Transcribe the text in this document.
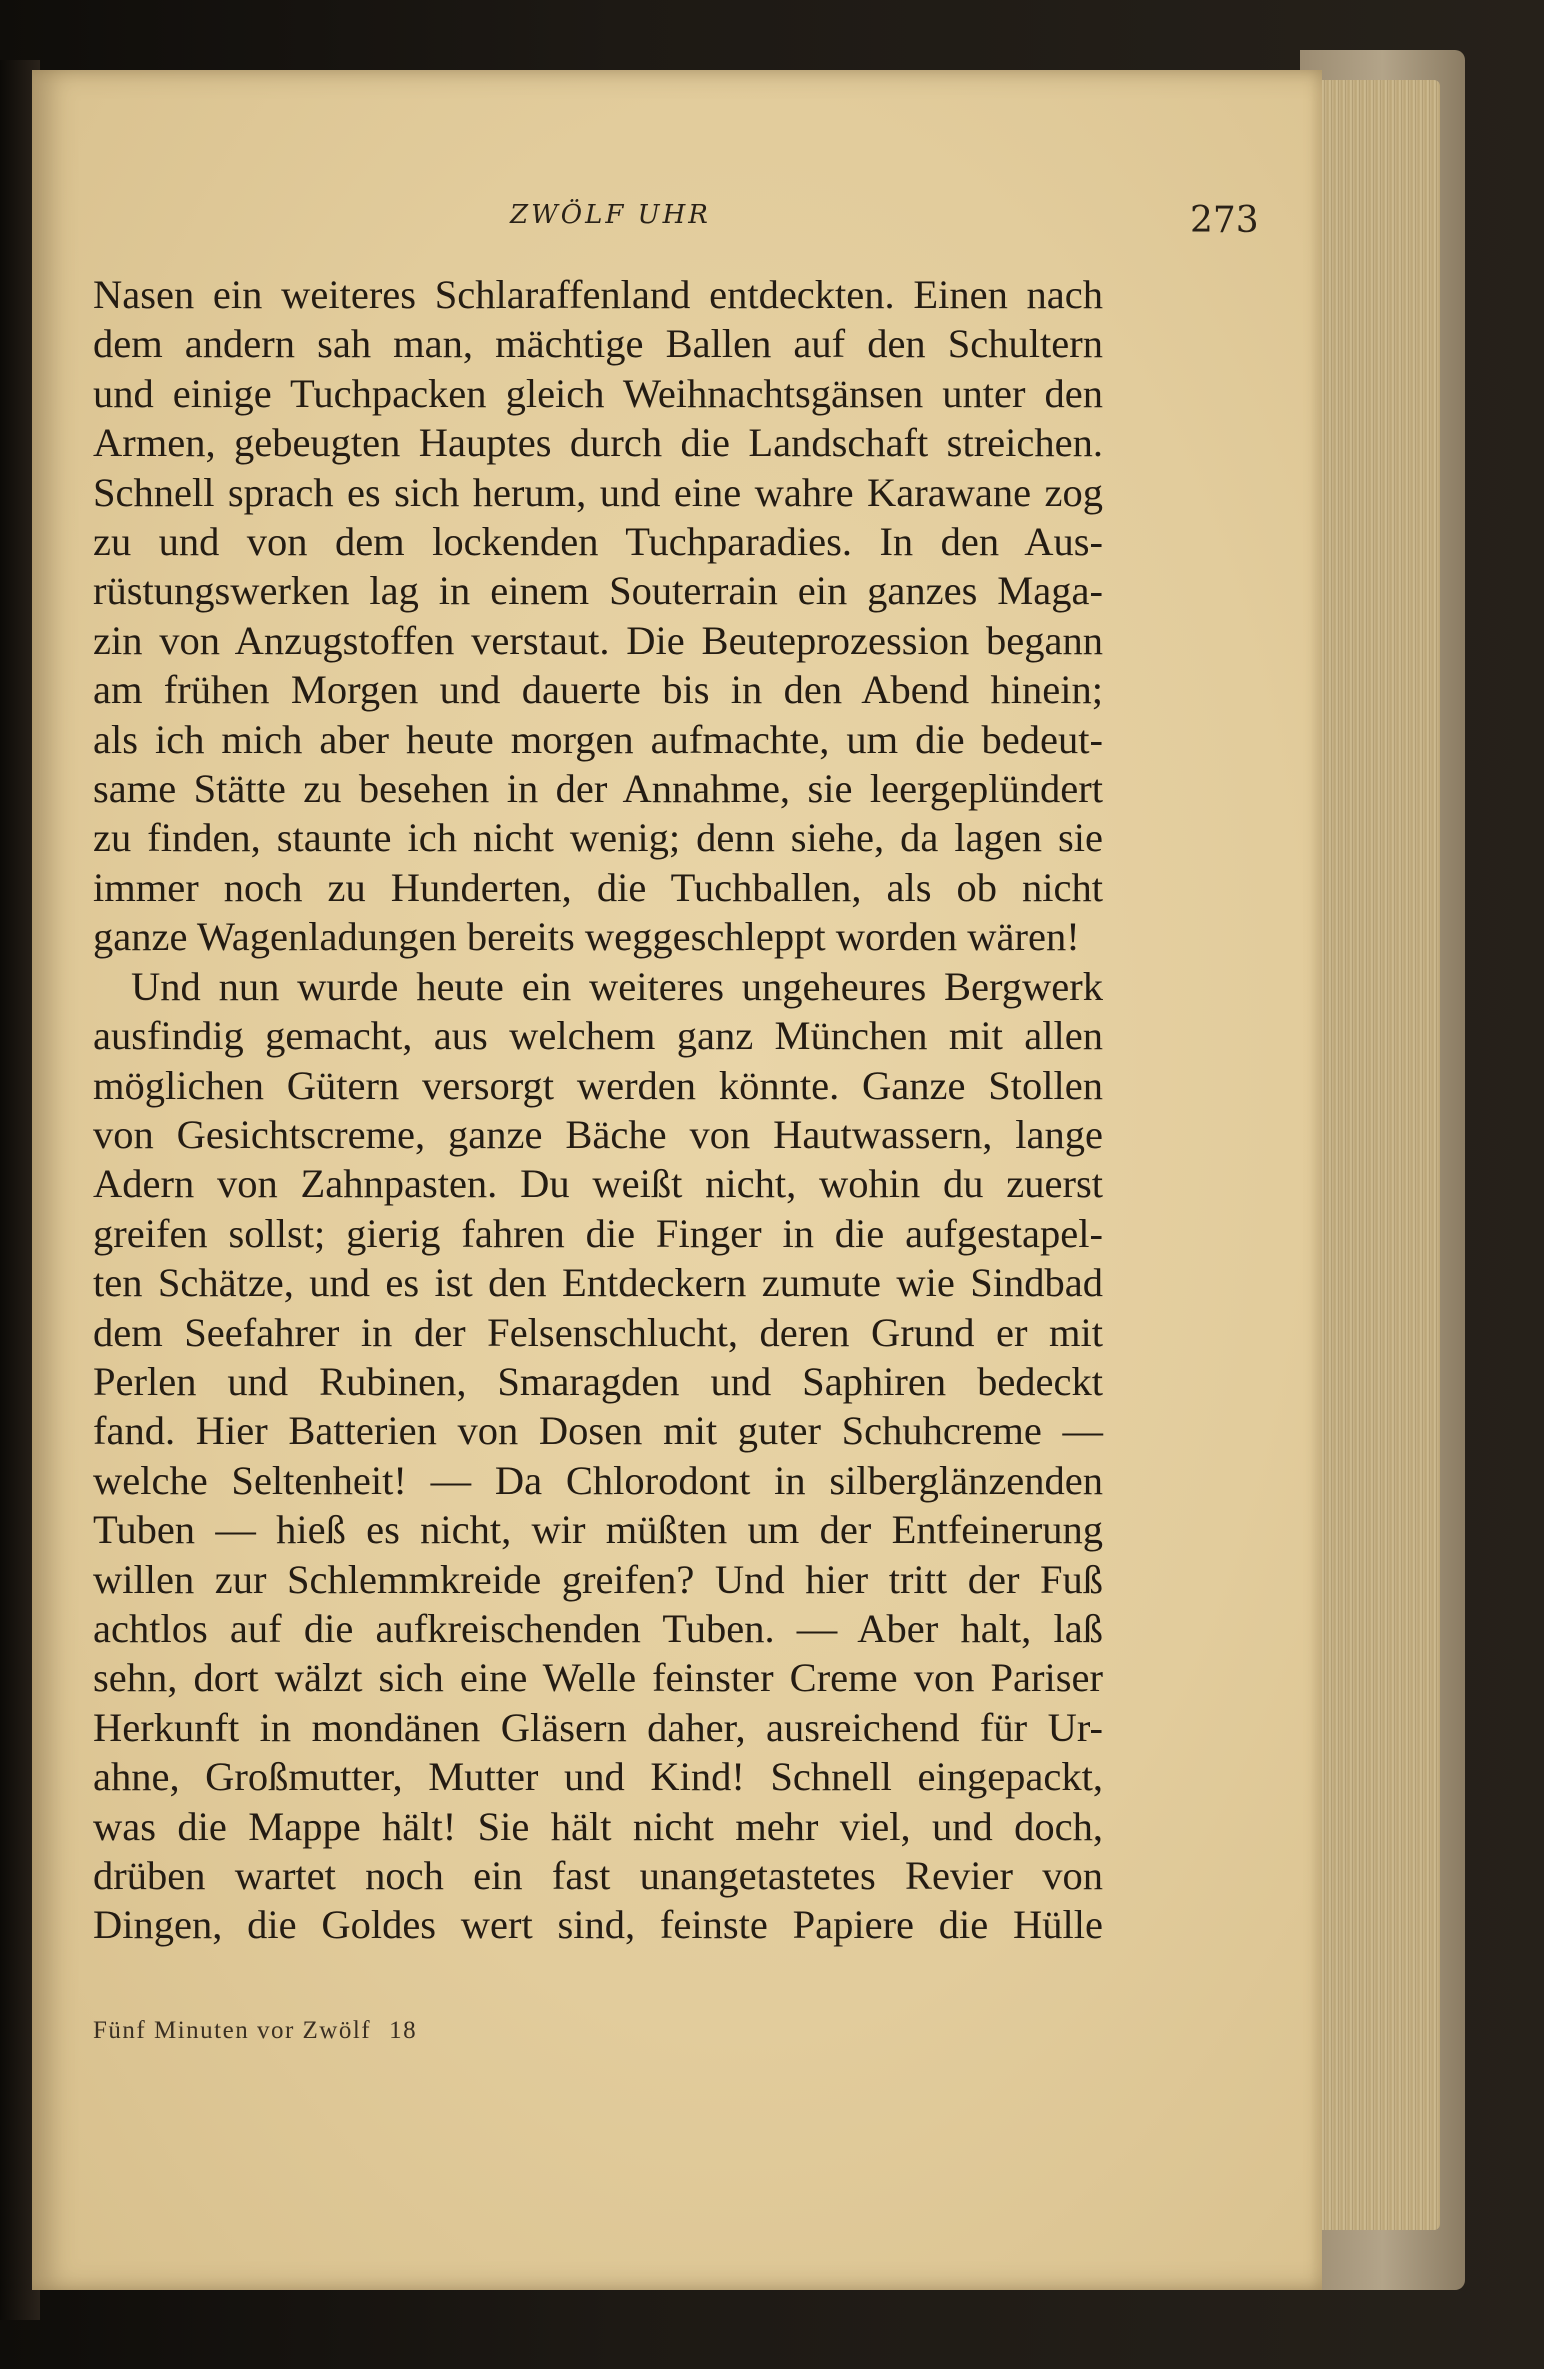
ZWÖLF UHR	273
Nasen ein weiteres Schlaraffenland entdeckten. Einen nach
dem andern sah man, mächtige Ballen auf den Schultern
und einige Tuchpacken gleich Weihnachtsgänsen unter den
Armen, gebeugten Hauptes durch die Landschaft streichen.
Schnell sprach es sich herum, und eine wahre Karawane zog
zu und von dem lockenden Tuchparadies. In den Aus-
rüstungswerken lag in einem Souterrain ein ganzes Maga-
zin von Anzugstoffen verstaut. Die Beuteprozession begann
am frühen Morgen und dauerte bis in den Abend hinein;
als ich mich aber heute morgen aufmachte, um die bedeut-
same Stätte zu besehen in der Annahme, sie leergeplündert
zu finden, staunte ich nicht wenig; denn siehe, da lagen sie
immer noch zu Hunderten, die Tuchballen, als ob nicht
ganze Wagenladungen bereits weggeschleppt worden wären!
Und nun wurde heute ein weiteres ungeheures Bergwerk
ausfindig gemacht, aus welchem ganz München mit allen
möglichen Gütern versorgt werden könnte. Ganze Stollen
von Gesichtscreme, ganze Bäche von Hautwassern, lange
Adern von Zahnpasten. Du weißt nicht, wohin du zuerst
greifen sollst; gierig fahren die Finger in die aufgestapel-
ten Schätze, und es ist den Entdeckern zumute wie Sindbad
dem Seefahrer in der Felsenschlucht, deren Grund er mit
Perlen und Rubinen, Smaragden und Saphiren bedeckt
fand. Hier Batterien von Dosen mit guter Schuhcreme —
welche Seltenheit! — Da Chlorodont in silberglänzenden
Tuben — hieß es nicht, wir müßten um der Entfeinerung
willen zur Schlemmkreide greifen? Und hier tritt der Fuß
achtlos auf die aufkreischenden Tuben. — Aber halt, laß
sehn, dort wälzt sich eine Welle feinster Creme von Pariser
Herkunft in mondänen Gläsern daher, ausreichend für Ur-
ahne, Großmutter, Mutter und Kind! Schnell eingepackt,
was die Mappe hält! Sie hält nicht mehr viel, und doch,
drüben wartet noch ein fast unangetastetes Revier von
Dingen, die Goldes wert sind, feinste Papiere die Hülle
Fünf Minuten vor Zwölf 18
